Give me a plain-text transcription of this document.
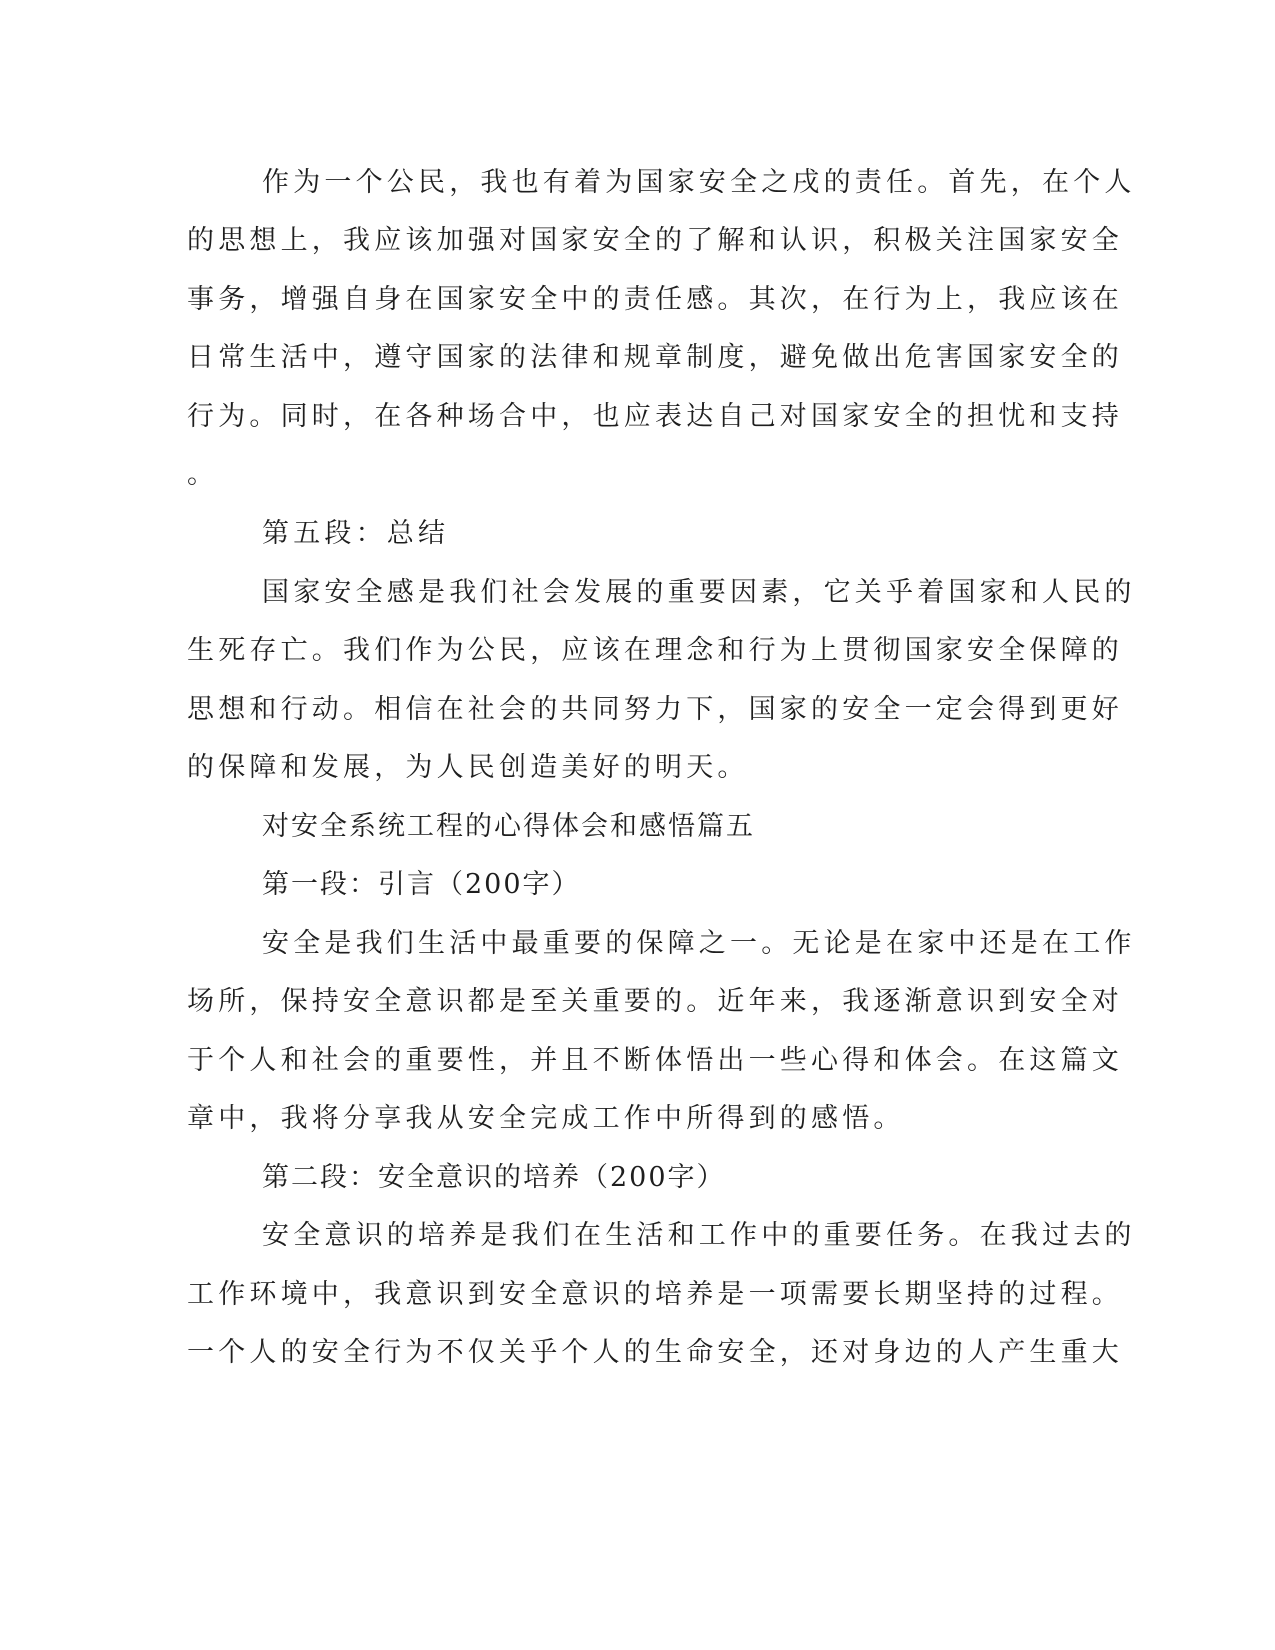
作为一个公民，我也有着为国家安全之戌的责任。首先，在个人
的思想上，我应该加强对国家安全的了解和认识，积极关注国家安全
事务，增强自身在国家安全中的责任感。其次，在行为上，我应该在
日常生活中，遵守国家的法律和规章制度，避免做出危害国家安全的
行为。同时，在各种场合中，也应表达自己对国家安全的担忧和支持
。
第五段：总结
国家安全感是我们社会发展的重要因素，它关乎着国家和人民的
生死存亡。我们作为公民，应该在理念和行为上贯彻国家安全保障的
思想和行动。相信在社会的共同努力下，国家的安全一定会得到更好
的保障和发展，为人民创造美好的明天。
对安全系统工程的心得体会和感悟篇五
第一段：引言（200字）
安全是我们生活中最重要的保障之一。无论是在家中还是在工作
场所，保持安全意识都是至关重要的。近年来，我逐渐意识到安全对
于个人和社会的重要性，并且不断体悟出一些心得和体会。在这篇文
章中，我将分享我从安全完成工作中所得到的感悟。
第二段：安全意识的培养（200字）
安全意识的培养是我们在生活和工作中的重要任务。在我过去的
工作环境中，我意识到安全意识的培养是一项需要长期坚持的过程。
一个人的安全行为不仅关乎个人的生命安全，还对身边的人产生重大
